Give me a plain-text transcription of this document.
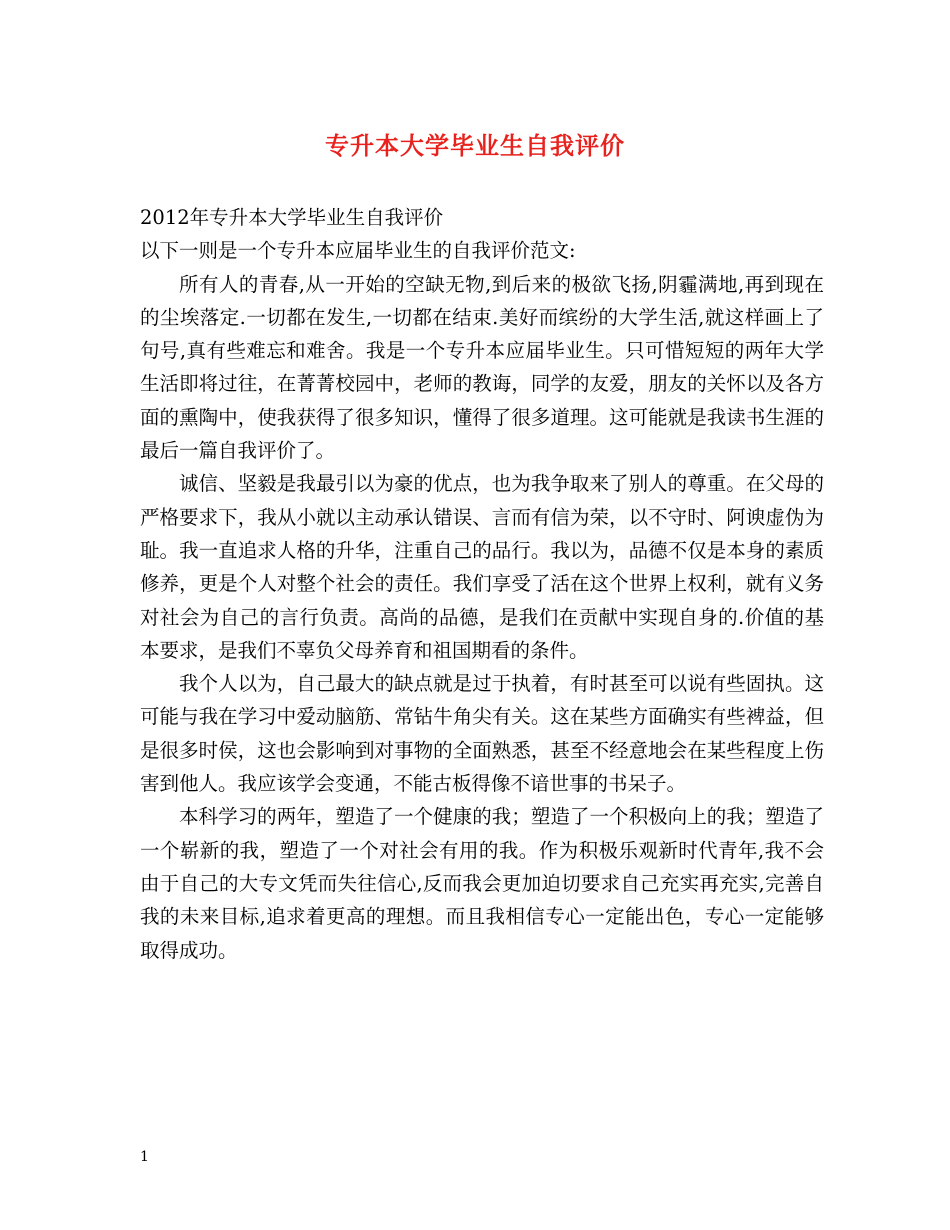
专升本大学毕业生自我评价

2012年专升本大学毕业生自我评价

以下一则是一个专升本应届毕业生的自我评价范文:

所有人的青春,从一开始的空缺无物,到后来的极欲飞扬,阴霾满地,再到现在的尘埃落定.一切都在发生,一切都在结束.美好而缤纷的大学生活,就这样画上了句号,真有些难忘和难舍。我是一个专升本应届毕业生。只可惜短短的两年大学生活即将过往，在菁菁校园中，老师的教诲，同学的友爱，朋友的关怀以及各方面的熏陶中，使我获得了很多知识，懂得了很多道理。这可能就是我读书生涯的最后一篇自我评价了。

诚信、坚毅是我最引以为豪的优点，也为我争取来了别人的尊重。在父母的严格要求下，我从小就以主动承认错误、言而有信为荣，以不守时、阿谀虚伪为耻。我一直追求人格的升华，注重自己的品行。我以为，品德不仅是本身的素质修养，更是个人对整个社会的责任。我们享受了活在这个世界上权利，就有义务对社会为自己的言行负责。高尚的品德，是我们在贡献中实现自身的.价值的基本要求，是我们不辜负父母养育和祖国期看的条件。

我个人以为，自己最大的缺点就是过于执着，有时甚至可以说有些固执。这可能与我在学习中爱动脑筋、常钻牛角尖有关。这在某些方面确实有些裨益，但是很多时侯，这也会影响到对事物的全面熟悉，甚至不经意地会在某些程度上伤害到他人。我应该学会变通，不能古板得像不谙世事的书呆子。

本科学习的两年，塑造了一个健康的我；塑造了一个积极向上的我；塑造了一个崭新的我，塑造了一个对社会有用的我。作为积极乐观新时代青年,我不会由于自己的大专文凭而失往信心,反而我会更加迫切要求自己充实再充实,完善自我的未来目标,追求着更高的理想。而且我相信专心一定能出色，专心一定能够取得成功。

1
